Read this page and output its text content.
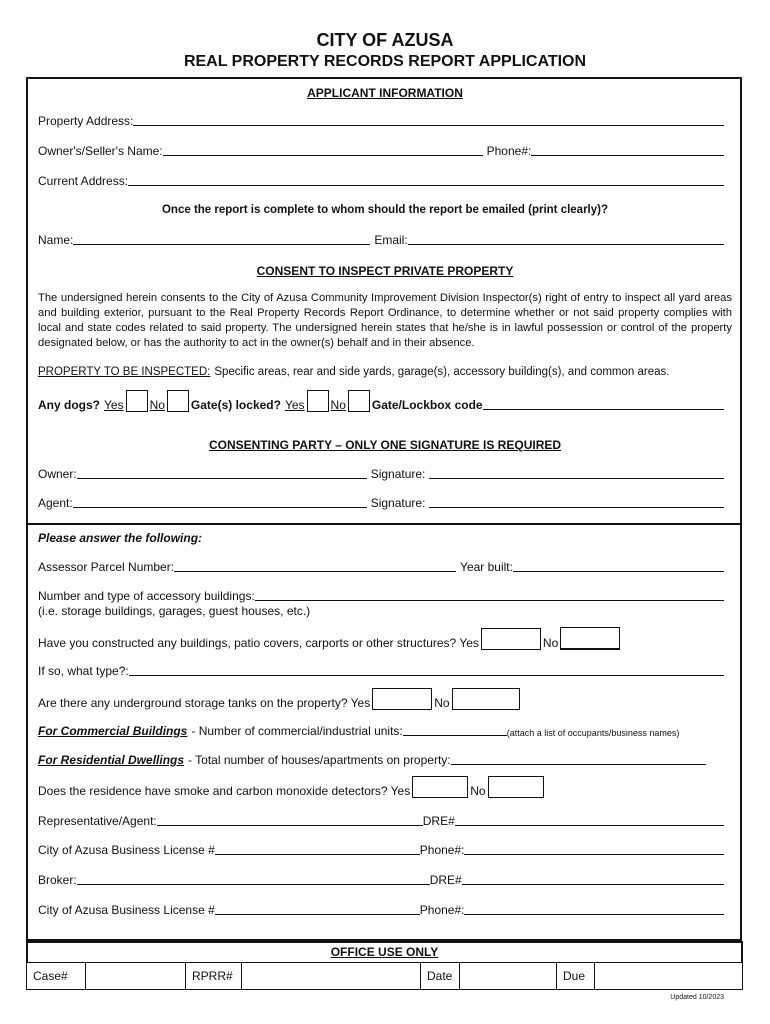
CITY OF AZUSA
REAL PROPERTY RECORDS REPORT APPLICATION
APPLICANT INFORMATION
Property Address:
Owner's/Seller's Name:	Phone#:
Current Address:
Once the report is complete to whom should the report be emailed (print clearly)?
Name:	Email:
CONSENT TO INSPECT PRIVATE PROPERTY
The undersigned herein consents to the City of Azusa Community Improvement Division Inspector(s) right of entry to inspect all yard areas and building exterior, pursuant to the Real Property Records Report Ordinance, to determine whether or not said property complies with local and state codes related to said property. The undersigned herein states that he/she is in lawful possession or control of the property designated below, or has the authority to act in the owner(s) behalf and in their absence.
PROPERTY TO BE INSPECTED: Specific areas, rear and side yards, garage(s), accessory building(s), and common areas.
Any dogs? Yes No Gate(s) locked? Yes No Gate/Lockbox code
CONSENTING PARTY – ONLY ONE SIGNATURE IS REQUIRED
Owner:	Signature:
Agent:	Signature:
Please answer the following:
Assessor Parcel Number:	Year built:
Number and type of accessory buildings:
(i.e. storage buildings, garages, guest houses, etc.)
Have you constructed any buildings, patio covers, carports or other structures? Yes	No
If so, what type?:
Are there any underground storage tanks on the property? Yes	No
For Commercial Buildings - Number of commercial/industrial units:	(attach a list of occupants/business names)
For Residential Dwellings - Total number of houses/apartments on property:
Does the residence have smoke and carbon monoxide detectors? Yes	No
Representative/Agent:	DRE#
City of Azusa Business License #	Phone#:
Broker:	DRE#
City of Azusa Business License #	Phone#:
OFFICE USE ONLY
Case#	RPRR#	Date	Due
Updated 10/2023
